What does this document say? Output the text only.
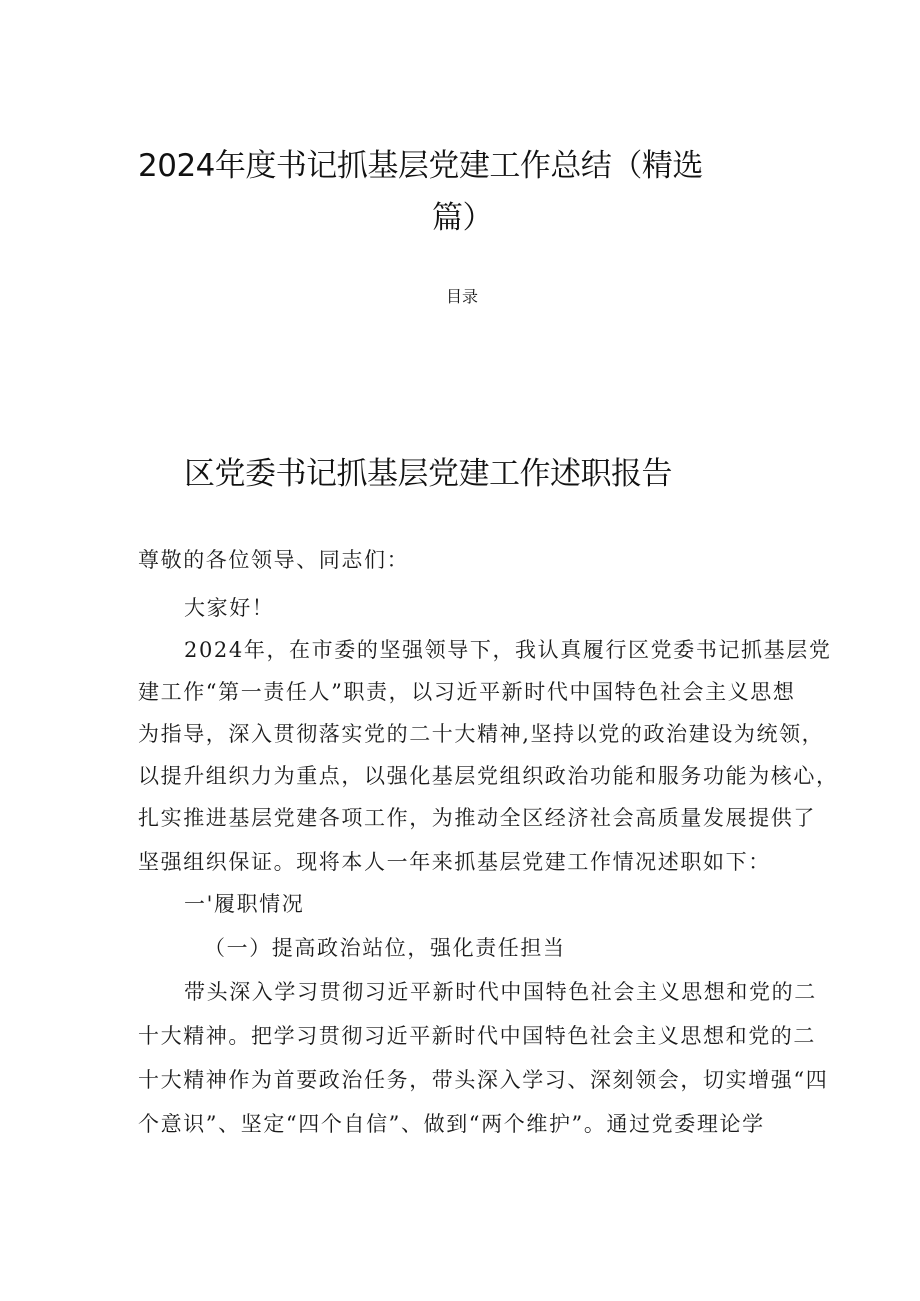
2024年度书记抓基层党建工作总结（精选
篇）
目录
区党委书记抓基层党建工作述职报告
尊敬的各位领导、同志们：
大家好！
2024年，在市委的坚强领导下，我认真履行区党委书记抓基层党
建工作“第一责任人”职责，以习近平新时代中国特色社会主义思想
为指导，深入贯彻落实党的二十大精神,坚持以党的政治建设为统领，
以提升组织力为重点，以强化基层党组织政治功能和服务功能为核心，
扎实推进基层党建各项工作，为推动全区经济社会高质量发展提供了
坚强组织保证。现将本人一年来抓基层党建工作情况述职如下：
一'履职情况
（一）提高政治站位，强化责任担当
带头深入学习贯彻习近平新时代中国特色社会主义思想和党的二
十大精神。把学习贯彻习近平新时代中国特色社会主义思想和党的二
十大精神作为首要政治任务，带头深入学习、深刻领会，切实增强“四
个意识”、坚定“四个自信”、做到“两个维护”。通过党委理论学
